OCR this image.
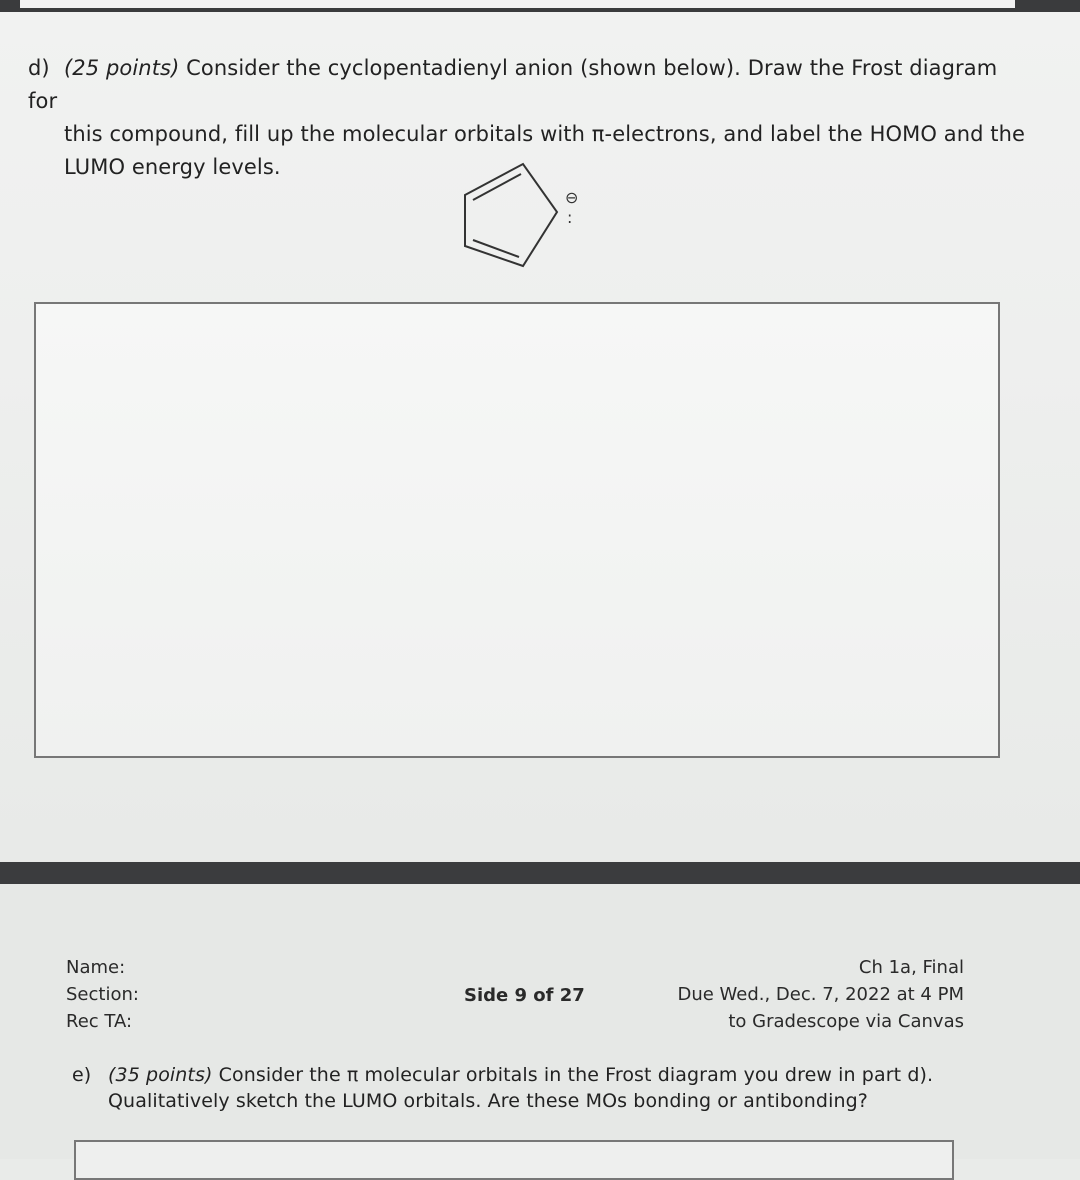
d) (25 points) Consider the cyclopentadienyl anion (shown below). Draw the Frost diagram for
this compound, fill up the molecular orbitals with π-electrons, and label the HOMO and the
LUMO energy levels.
⊖
:
Name:
Section:
Rec TA:
Side 9 of 27
Ch 1a, Final
Due Wed., Dec. 7, 2022 at 4 PM
to Gradescope via Canvas
e) (35 points) Consider the π molecular orbitals in the Frost diagram you drew in part d).
Qualitatively sketch the LUMO orbitals. Are these MOs bonding or antibonding?
